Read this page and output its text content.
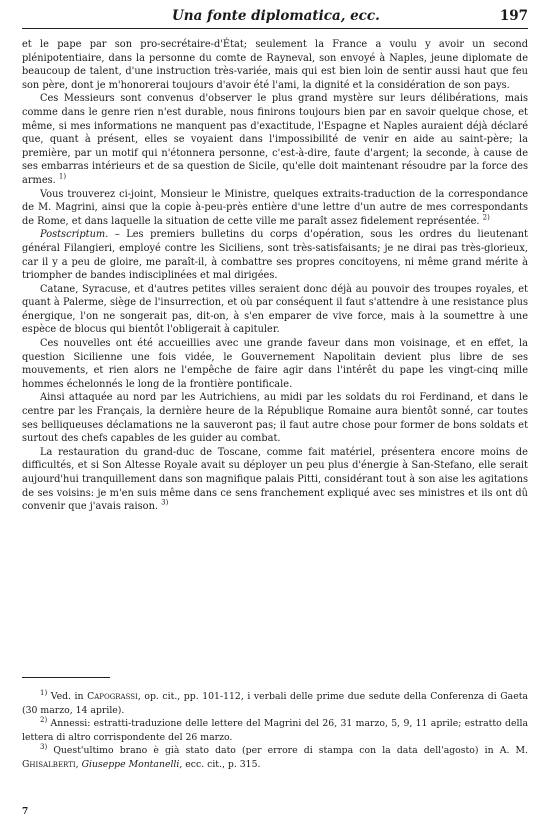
Una fonte diplomatica, ecc.	197

et le pape par son pro-secrétaire-d'État; seulement la France a voulu y avoir un second plénipotentiaire, dans la personne du comte de Rayneval, son envoyé à Naples, jeune diplomate de beaucoup de talent, d'une instruction très-variée, mais qui est bien loin de sentir aussi haut que feu son père, dont je m'honorerai toujours d'avoir été l'ami, la dignité et la considération de son pays.

Ces Messieurs sont convenus d'observer le plus grand mystère sur leurs délibérations, mais comme dans le genre rien n'est durable, nous finirons toujours bien par en savoir quelque chose, et même, si mes informations ne manquent pas d'exactitude, l'Espagne et Naples auraient déjà déclaré que, quant à présent, elles se voyaient dans l'impossibilité de venir en aide au saint-père; la première, par un motif qui n'étonnera personne, c'est-à-dire, faute d'argent; la seconde, à cause de ses embarras intérieurs et de sa question de Sicile, qu'elle doit maintenant résoudre par la force des armes. $^{1)}$

Vous trouverez ci-joint, Monsieur le Ministre, quelques extraits-traduction de la correspondance de M. Magrini, ainsi que la copie à-peu-près entière d'une lettre d'un autre de mes correspondants de Rome, et dans laquelle la situation de cette ville me paraît assez fidelement représentée. $^{2)}$

Postscriptum. – Les premiers bulletins du corps d'opération, sous les ordres du lieutenant général Filangieri, employé contre les Siciliens, sont très-satisfaisants; je ne dirai pas très-glorieux, car il y a peu de gloire, me paraît-il, à combattre ses propres concitoyens, ni même grand mérite à triompher de bandes indisciplinées et mal dirigées.

Catane, Syracuse, et d'autres petites villes seraient donc déjà au pouvoir des troupes royales, et quant à Palerme, siège de l'insurrection, et où par conséquent il faut s'attendre à une resistance plus énergique, l'on ne songerait pas, dit-on, à s'en emparer de vive force, mais à la soumettre à une espèce de blocus qui bientôt l'obligerait à capituler.

Ces nouvelles ont été accueillies avec une grande faveur dans mon voisinage, et en effet, la question Sicilienne une fois vidée, le Gouvernement Napolitain devient plus libre de ses mouvements, et rien alors ne l'empêche de faire agir dans l'intérêt du pape les vingt-cinq mille hommes échelonnés le long de la frontière pontificale.

Ainsi attaquée au nord par les Autrichiens, au midi par les soldats du roi Ferdinand, et dans le centre par les Français, la dernière heure de la République Romaine aura bientôt sonné, car toutes ses belliqueuses déclamations ne la sauveront pas; il faut autre chose pour former de bons soldats et surtout des chefs capables de les guider au combat.

La restauration du grand-duc de Toscane, comme fait matériel, présentera encore moins de difficultés, et si Son Altesse Royale avait su déployer un peu plus d'énergie à San-Stefano, elle serait aujourd'hui tranquillement dans son magnifique palais Pitti, considérant tout à son aise les agitations de ses voisins: je m'en suis même dans ce sens franchement expliqué avec ses ministres et ils ont dû convenir que j'avais raison. $^{3)}$

$^{1)}$ Ved. in Capograssi, op. cit., pp. 101-112, i verbali delle prime due sedute della Conferenza di Gaeta (30 marzo, 14 aprile).

$^{2)}$ Annessi: estratti-traduzione delle lettere del Magrini del 26, 31 marzo, 5, 9, 11 aprile; estratto della lettera di altro corrispondente del 26 marzo.

$^{3)}$ Quest'ultimo brano è già stato dato (per errore di stampa con la data dell'agosto) in A. M. Ghisalberti, Giuseppe Montanelli, ecc. cit., p. 315.

7
